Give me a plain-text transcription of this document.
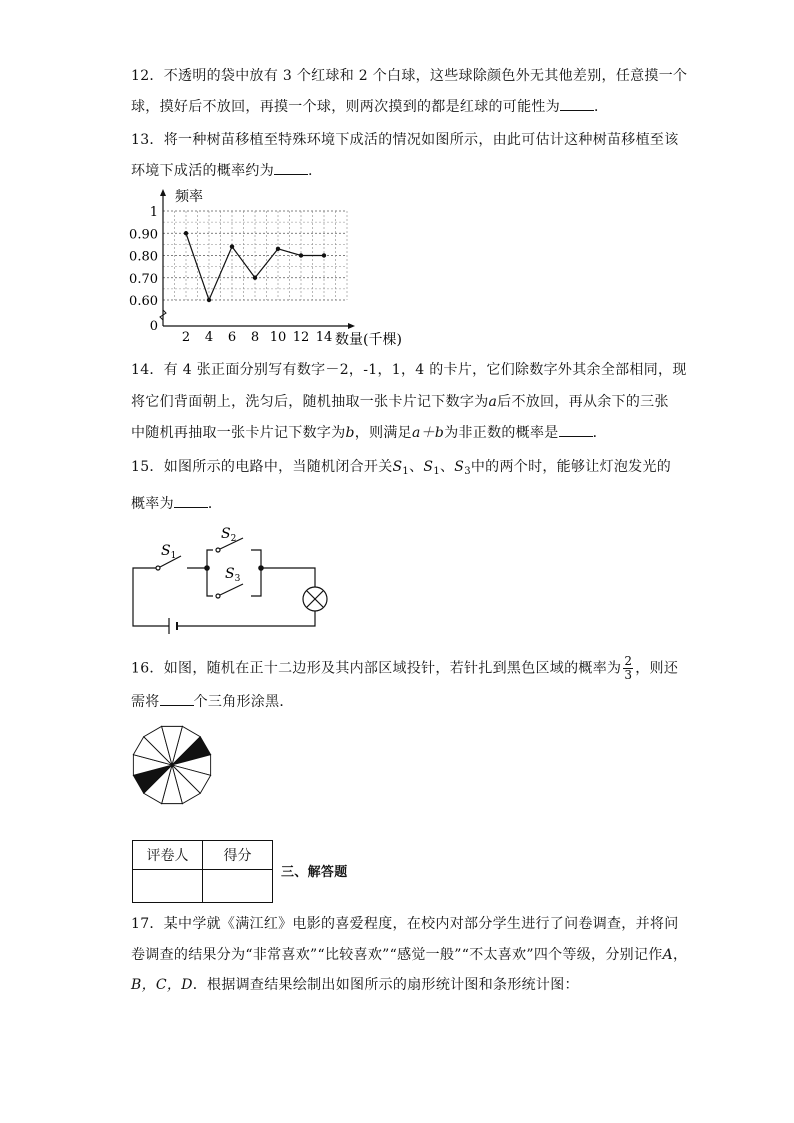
12．不透明的袋中放有 3 个红球和 2 个白球，这些球除颜色外无其他差别，任意摸一个
球，摸好后不放回，再摸一个球，则两次摸到的都是红球的可能性为 ．
13．将一种树苗移植至特殊环境下成活的情况如图所示，由此可估计这种树苗移植至该
环境下成活的概率约为 .
0
0.60
0.70
0.80
0.90
1
2 4 6 8 10 12 14
频率
数量(千棵)
14．有 4 张正面分别写有数字－2，-1，1，4 的卡片，它们除数字外其余全部相同，现
将它们背面朝上，洗匀后，随机抽取一张卡片记下数字为a后不放回，再从余下的三张
中随机再抽取一张卡片记下数字为b，则满足a＋b为非正数的概率是 ．
15．如图所示的电路中，当随机闭合开关$S_1$、$S_1$、$S_3$中的两个时，能够让灯泡发光的
概率为 ．
$S_1$
$S_2$
$S_3$
16．如图，随机在正十二边形及其内部区域投针，若针扎到黑色区域的概率为 $\frac{2}{3}$ ，则还
需将 个三角形涂黑．
评卷人	得分

三、解答题
17．某中学就《满江红》电影的喜爱程度，在校内对部分学生进行了问卷调查，并将问
卷调查的结果分为“非常喜欢”“比较喜欢”“感觉一般”“不太喜欢”四个等级，分别记作A，
B，C，D．根据调查结果绘制出如图所示的扇形统计图和条形统计图：
